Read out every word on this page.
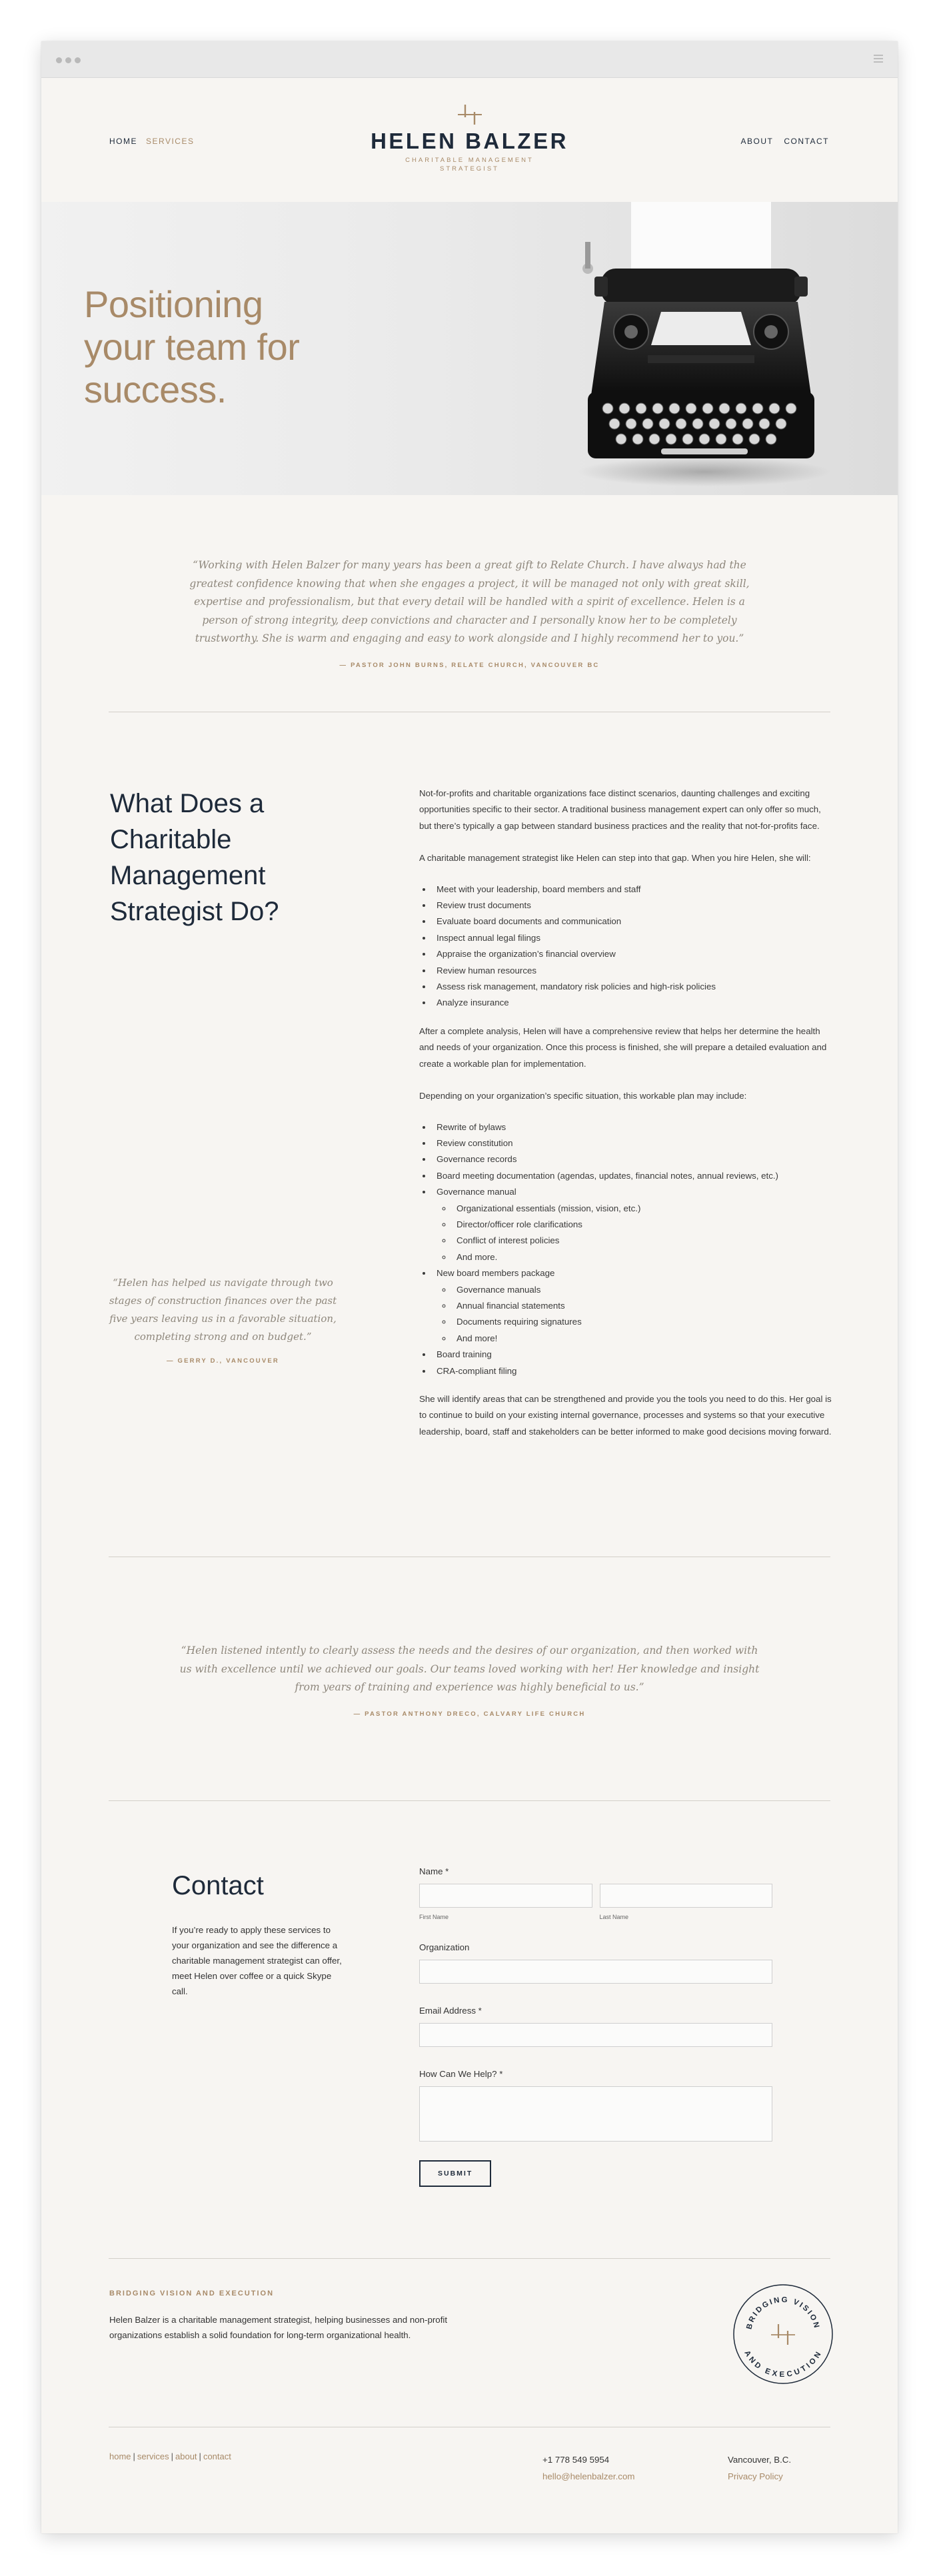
HOME SERVICES	HELEN BALZER
CHARITABLE MANAGEMENT
STRATEGIST
ABOUT CONTACT
Positioning
your team for
success.

“Working with Helen Balzer for many years has been a great gift to Relate Church. I have always had the greatest confidence knowing that when she engages a project, it will be managed not only with great skill, expertise and professionalism, but that every detail will be handled with a spirit of excellence. Helen is a person of strong integrity, deep convictions and character and I personally know her to be completely trustworthy. She is warm and engaging and easy to work alongside and I highly recommend her to you.”

— PASTOR JOHN BURNS, RELATE CHURCH, VANCOUVER BC

What Does a
Charitable
Management
Strategist Do?

“Helen has helped us navigate through two stages of construction finances over the past five years leaving us in a favorable situation, completing strong and on budget.”

— GERRY D., VANCOUVER

Not-for-profits and charitable organizations face distinct scenarios, daunting challenges and exciting opportunities specific to their sector. A traditional business management expert can only offer so much, but there’s typically a gap between standard business practices and the reality that not-for-profits face.

A charitable management strategist like Helen can step into that gap. When you hire Helen, she will:

• Meet with your leadership, board members and staff
• Review trust documents
• Evaluate board documents and communication
• Inspect annual legal filings
• Appraise the organization’s financial overview
• Review human resources
• Assess risk management, mandatory risk policies and high-risk policies
• Analyze insurance

After a complete analysis, Helen will have a comprehensive review that helps her determine the health and needs of your organization. Once this process is finished, she will prepare a detailed evaluation and create a workable plan for implementation.

Depending on your organization’s specific situation, this workable plan may include:

• Rewrite of bylaws
• Review constitution
• Governance records
• Board meeting documentation (agendas, updates, financial notes, annual reviews, etc.)
• Governance manual
◦ Organizational essentials (mission, vision, etc.)
◦ Director/officer role clarifications
◦ Conflict of interest policies
◦ And more.
• New board members package
◦ Governance manuals
◦ Annual financial statements
◦ Documents requiring signatures
◦ And more!
• Board training
• CRA-compliant filing

She will identify areas that can be strengthened and provide you the tools you need to do this. Her goal is to continue to build on your existing internal governance, processes and systems so that your executive leadership, board, staff and stakeholders can be better informed to make good decisions moving forward.

“Helen listened intently to clearly assess the needs and the desires of our organization, and then worked with us with excellence until we achieved our goals. Our teams loved working with her! Her knowledge and insight from years of training and experience was highly beneficial to us.”

— PASTOR ANTHONY DRECO, CALVARY LIFE CHURCH

Contact

If you’re ready to apply these services to your organization and see the difference a charitable management strategist can offer, meet Helen over coffee or a quick Skype call.

Name *
First Name	Last Name
Organization
Email Address *
How Can We Help? *
SUBMIT
BRIDGING VISION AND EXECUTION

Helen Balzer is a charitable management strategist, helping businesses and non-profit organizations establish a solid foundation for long-term organizational health.

BRIDGING VISION
AND EXECUTION
home | services | about | contact	+1 778 549 5954
hello@helenbalzer.com
Vancouver, B.C.
Privacy Policy
